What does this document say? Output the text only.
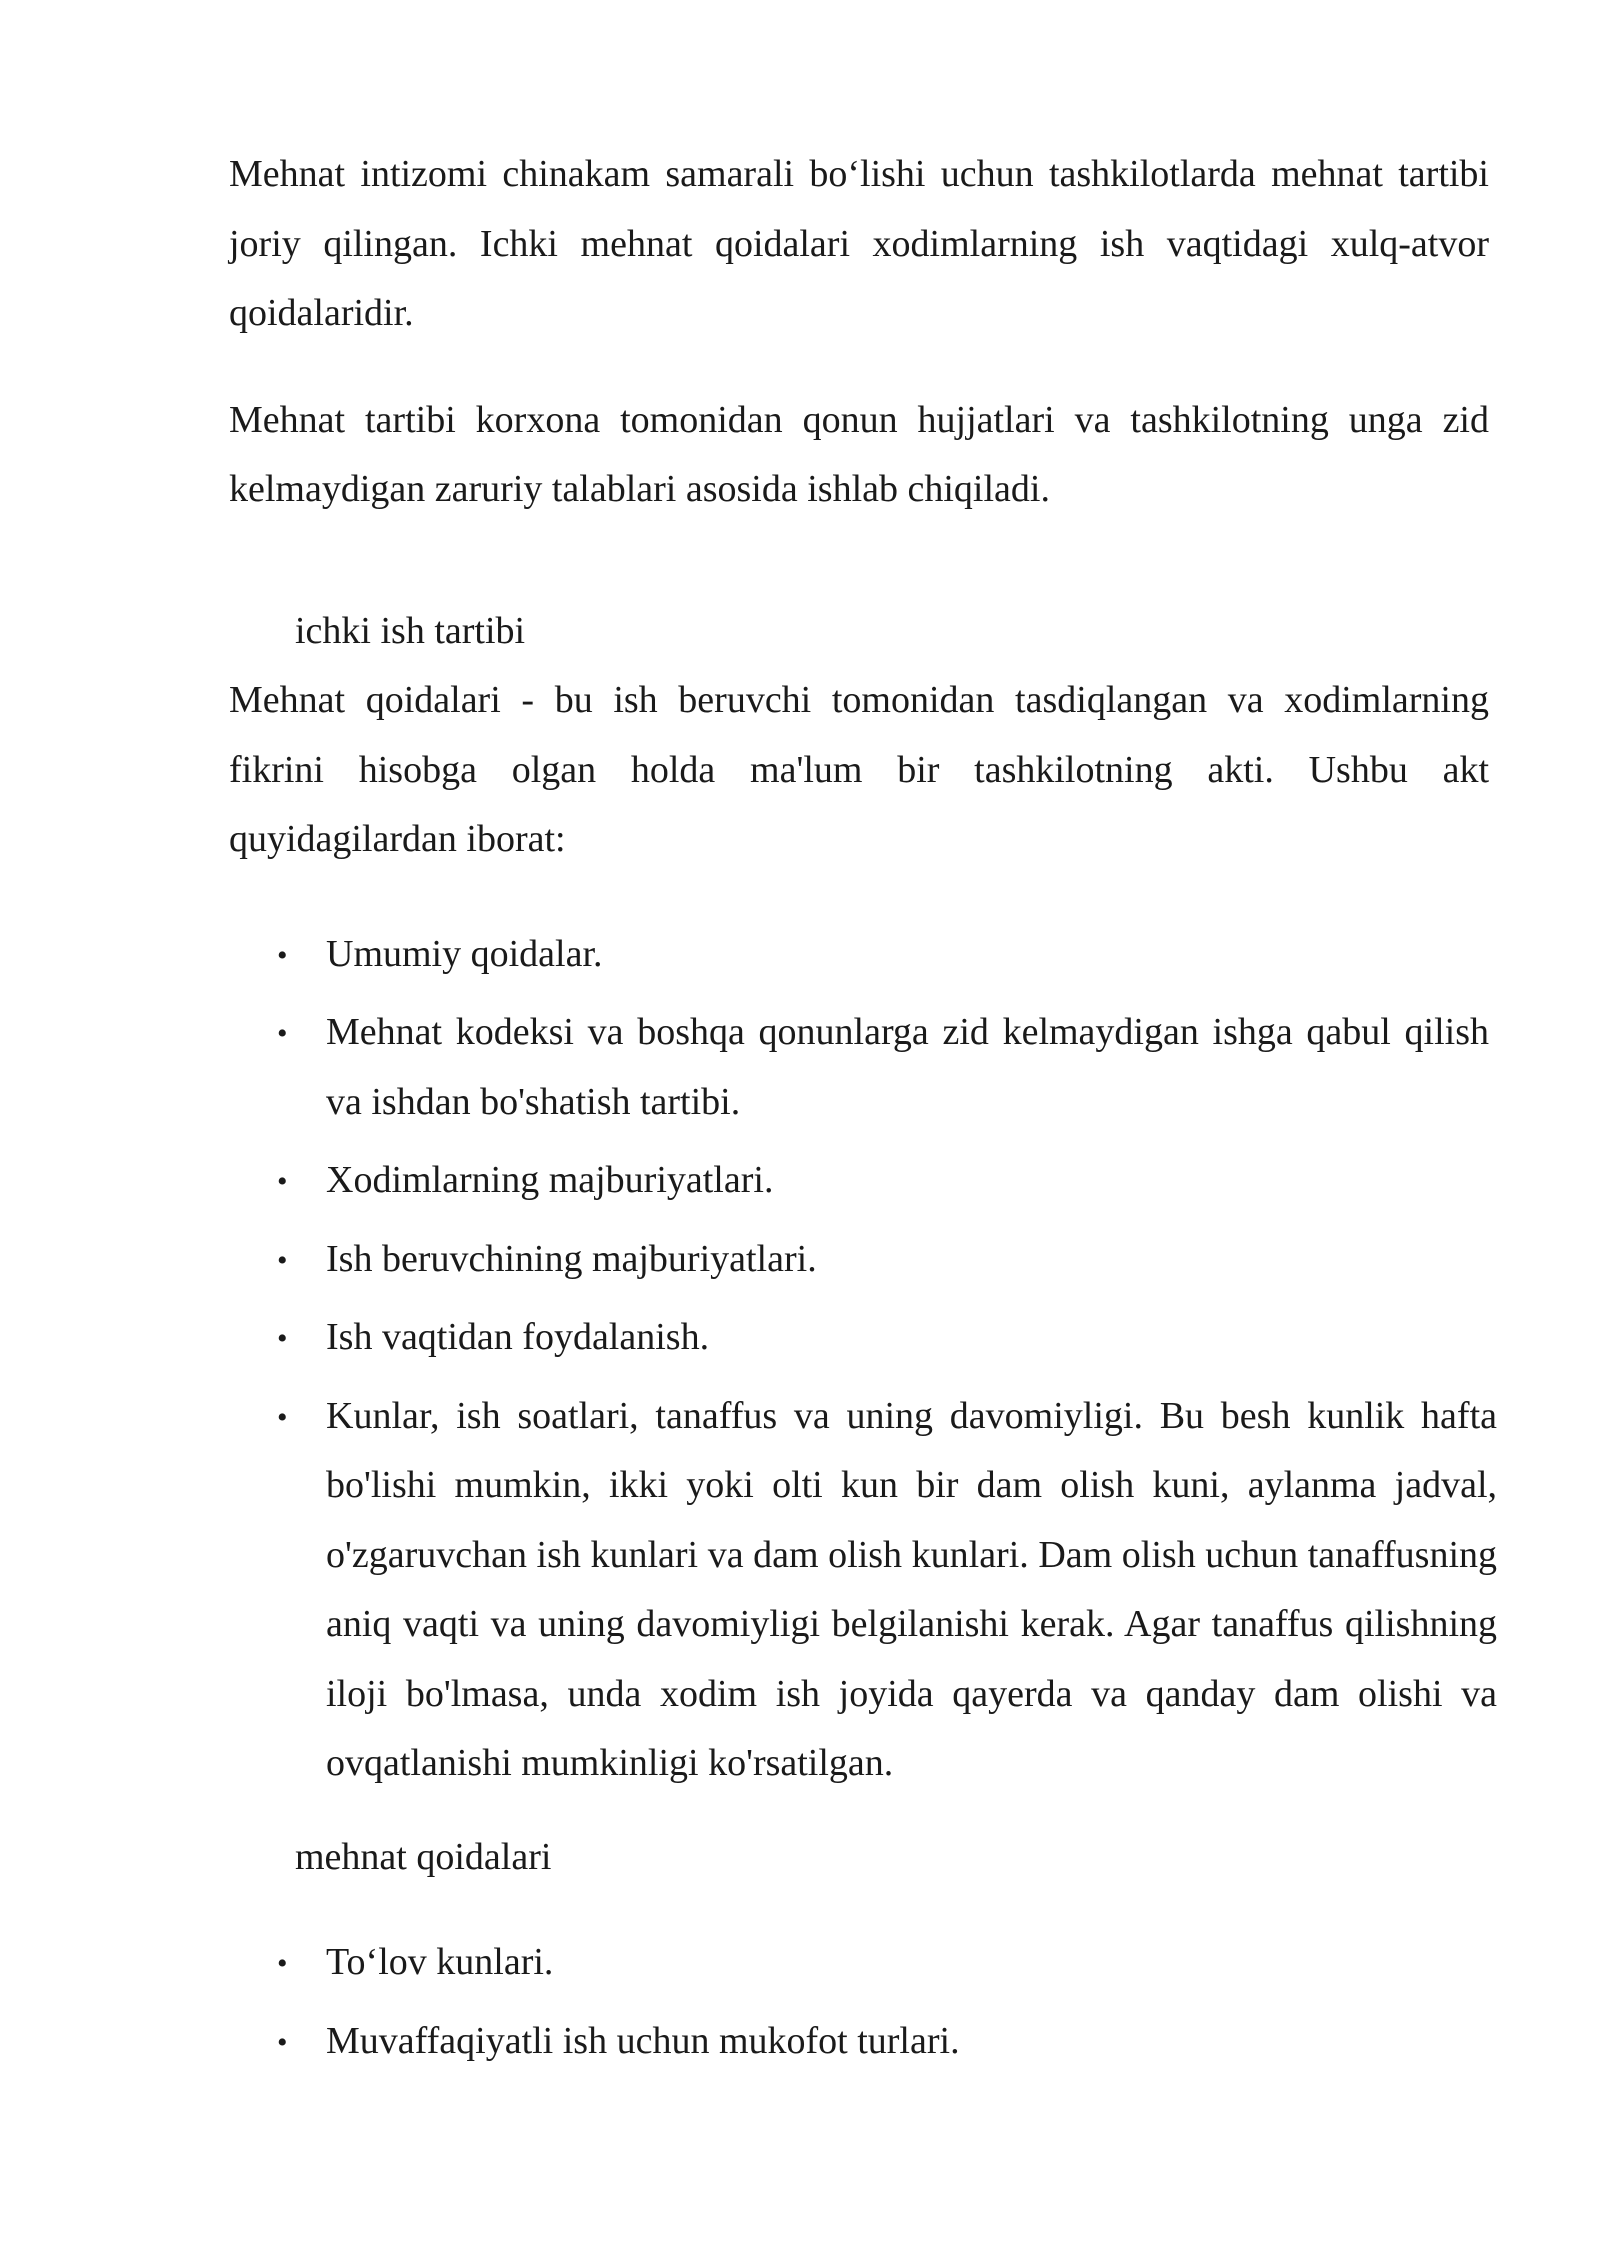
Mehnat intizomi chinakam samarali bo‘lishi uchun tashkilotlarda mehnat tartibi joriy qilingan. Ichki mehnat qoidalari xodimlarning ish vaqtidagi xulq-atvor qoidalaridir.

Mehnat tartibi korxona tomonidan qonun hujjatlari va tashkilotning unga zid kelmaydigan zaruriy talablari asosida ishlab chiqiladi.

ichki ish tartibi

Mehnat qoidalari - bu ish beruvchi tomonidan tasdiqlangan va xodimlarning fikrini hisobga olgan holda ma'lum bir tashkilotning akti. Ushbu akt quyidagilardan iborat:

• Umumiy qoidalar.
• Mehnat kodeksi va boshqa qonunlarga zid kelmaydigan ishga qabul qilish va ishdan bo'shatish tartibi.
• Xodimlarning majburiyatlari.
• Ish beruvchining majburiyatlari.
• Ish vaqtidan foydalanish.
• Kunlar, ish soatlari, tanaffus va uning davomiyligi. Bu besh kunlik hafta bo'lishi mumkin, ikki yoki olti kun bir dam olish kuni, aylanma jadval, o'zgaruvchan ish kunlari va dam olish kunlari. Dam olish uchun tanaffusning aniq vaqti va uning davomiyligi belgilanishi kerak. Agar tanaffus qilishning iloji bo'lmasa, unda xodim ish joyida qayerda va qanday dam olishi va ovqatlanishi mumkinligi ko'rsatilgan.
mehnat qoidalari
• To‘lov kunlari.
• Muvaffaqiyatli ish uchun mukofot turlari.
